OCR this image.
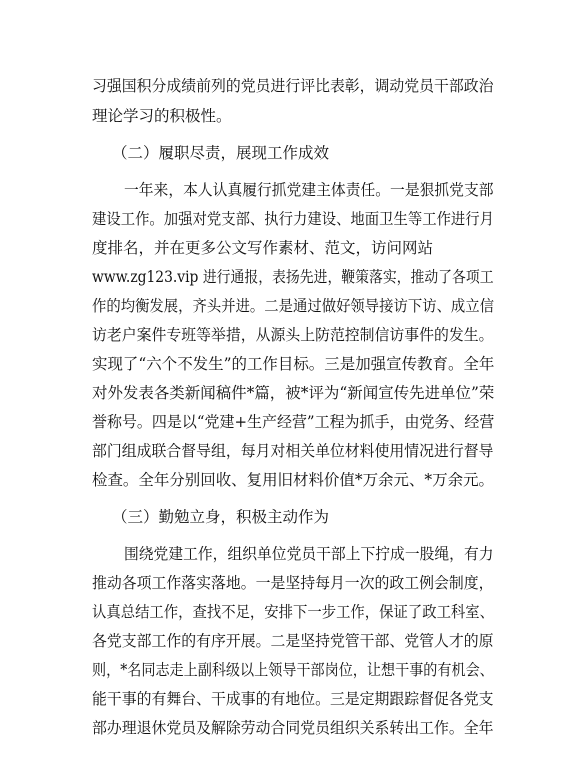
习强国积分成绩前列的党员进行评比表彰，调动党员干部政治
理论学习的积极性。
（二）履职尽责，展现工作成效
一年来，本人认真履行抓党建主体责任。一是狠抓党支部
建设工作。加强对党支部、执行力建设、地面卫生等工作进行月
度排名，并在更多公文写作素材、范文，访问网站
www.zg123.vip 进行通报，表扬先进，鞭策落实，推动了各项工
作的均衡发展，齐头并进。二是通过做好领导接访下访、成立信
访老户案件专班等举措，从源头上防范控制信访事件的发生。
实现了“六个不发生”的工作目标。三是加强宣传教育。全年
对外发表各类新闻稿件*篇，被*评为“新闻宣传先进单位”荣
誉称号。四是以“党建+生产经营”工程为抓手，由党务、经营
部门组成联合督导组，每月对相关单位材料使用情况进行督导
检查。全年分别回收、复用旧材料价值*万余元、*万余元。
（三）勤勉立身，积极主动作为
围绕党建工作，组织单位党员干部上下拧成一股绳，有力
推动各项工作落实落地。一是坚持每月一次的政工例会制度，
认真总结工作，查找不足，安排下一步工作，保证了政工科室、
各党支部工作的有序开展。二是坚持党管干部、党管人才的原
则，*名同志走上副科级以上领导干部岗位，让想干事的有机会、
能干事的有舞台、干成事的有地位。三是定期跟踪督促各党支
部办理退休党员及解除劳动合同党员组织关系转出工作。全年
